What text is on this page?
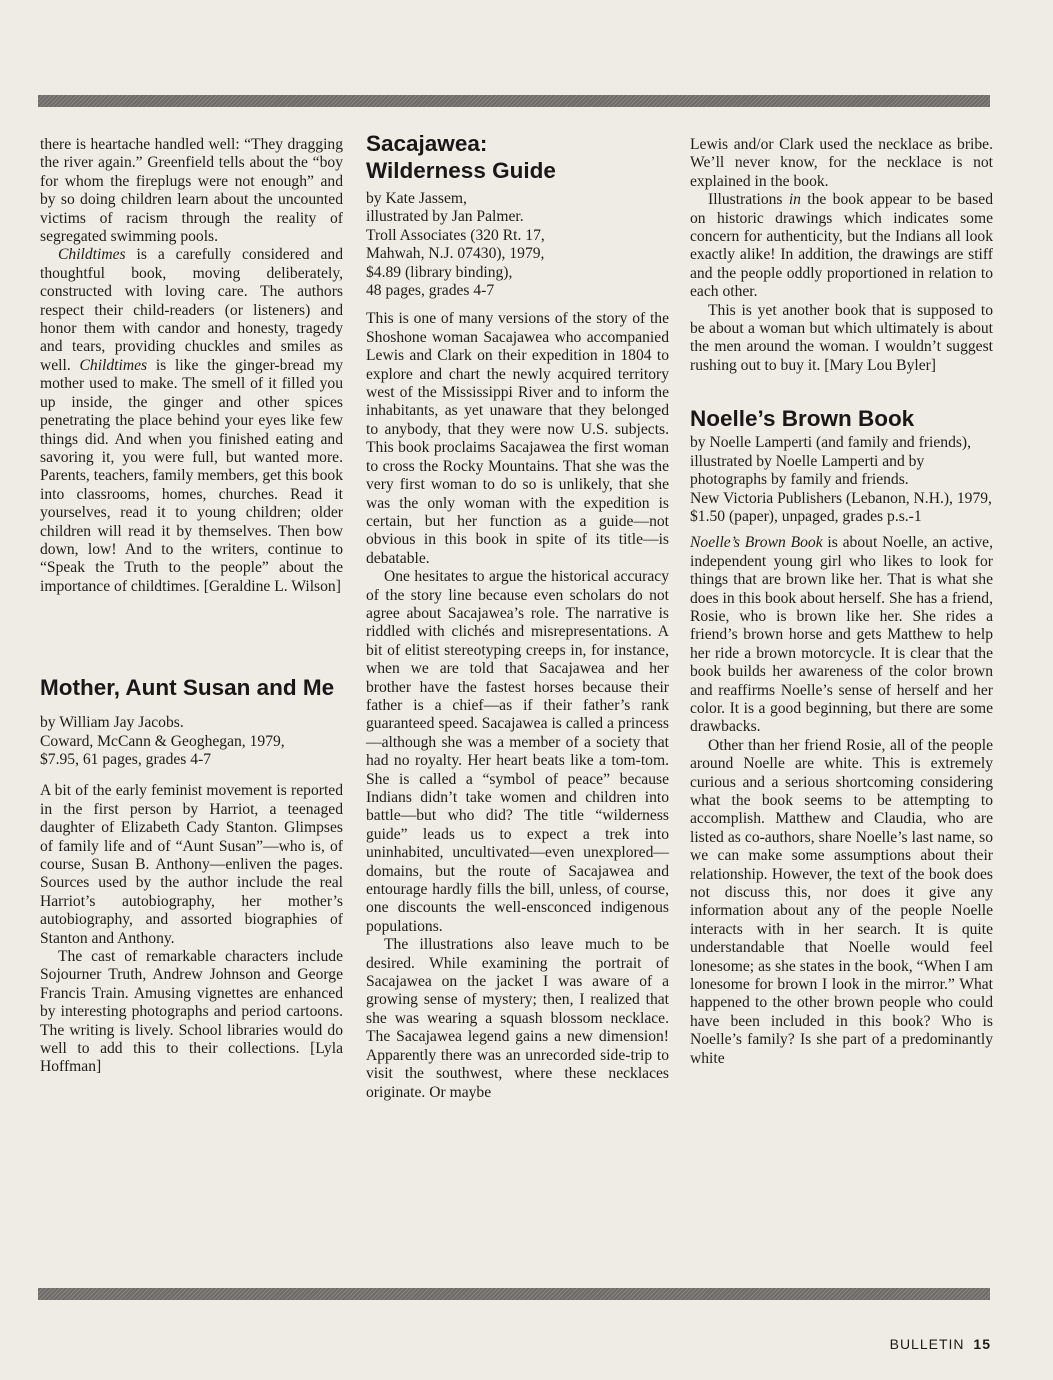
there is heartache handled well: “They dragging the river again.” Greenfield tells about the “boy for whom the fireplugs were not enough” and by so doing children learn about the uncounted victims of racism through the reality of segregated swimming pools.

Childtimes is a carefully considered and thoughtful book, moving deliberately, constructed with loving care. The authors respect their child-readers (or listeners) and honor them with candor and honesty, tragedy and tears, providing chuckles and smiles as well. Childtimes is like the ginger-bread my mother used to make. The smell of it filled you up inside, the ginger and other spices penetrating the place behind your eyes like few things did. And when you finished eating and savoring it, you were full, but wanted more. Parents, teachers, family members, get this book into classrooms, homes, churches. Read it yourselves, read it to young children; older children will read it by themselves. Then bow down, low! And to the writers, continue to “Speak the Truth to the people” about the importance of childtimes. [Geraldine L. Wilson]

Mother, Aunt Susan and Me
by William Jay Jacobs.
Coward, McCann & Geoghegan, 1979,
$7.95, 61 pages, grades 4-7

A bit of the early feminist movement is reported in the first person by Harriot, a teenaged daughter of Elizabeth Cady Stanton. Glimpses of family life and of “Aunt Susan”—who is, of course, Susan B. Anthony—enliven the pages. Sources used by the author include the real Harriot’s autobiography, her mother’s autobiography, and assorted biographies of Stanton and Anthony.

The cast of remarkable characters include Sojourner Truth, Andrew Johnson and George Francis Train. Amusing vignettes are enhanced by interesting photographs and period cartoons. The writing is lively. School libraries would do well to add this to their collections. [Lyla Hoffman]

Sacajawea:
Wilderness Guide
by Kate Jassem,
illustrated by Jan Palmer.
Troll Associates (320 Rt. 17,
Mahwah, N.J. 07430), 1979,
$4.89 (library binding),
48 pages, grades 4-7

This is one of many versions of the story of the Shoshone woman Sacajawea who accompanied Lewis and Clark on their expedition in 1804 to explore and chart the newly acquired territory west of the Mississippi River and to inform the inhabitants, as yet unaware that they belonged to anybody, that they were now U.S. subjects. This book proclaims Sacajawea the first woman to cross the Rocky Mountains. That she was the very first woman to do so is unlikely, that she was the only woman with the expedition is certain, but her function as a guide—not obvious in this book in spite of its title—is debatable.

One hesitates to argue the historical accuracy of the story line because even scholars do not agree about Sacajawea’s role. The narrative is riddled with clichés and misrepresentations. A bit of elitist stereotyping creeps in, for instance, when we are told that Sacajawea and her brother have the fastest horses because their father is a chief—as if their father’s rank guaranteed speed. Sacajawea is called a princess—although she was a member of a society that had no royalty. Her heart beats like a tom-tom. She is called a “symbol of peace” because Indians didn’t take women and children into battle—but who did? The title “wilderness guide” leads us to expect a trek into uninhabited, uncultivated—even unexplored—domains, but the route of Sacajawea and entourage hardly fills the bill, unless, of course, one discounts the well-ensconced indigenous populations.

The illustrations also leave much to be desired. While examining the portrait of Sacajawea on the jacket I was aware of a growing sense of mystery; then, I realized that she was wearing a squash blossom necklace. The Sacajawea legend gains a new dimension! Apparently there was an unrecorded side-trip to visit the southwest, where these necklaces originate. Or maybe

Lewis and/or Clark used the necklace as bribe. We’ll never know, for the necklace is not explained in the book.

Illustrations in the book appear to be based on historic drawings which indicates some concern for authenticity, but the Indians all look exactly alike! In addition, the drawings are stiff and the people oddly proportioned in relation to each other.

This is yet another book that is supposed to be about a woman but which ultimately is about the men around the woman. I wouldn’t suggest rushing out to buy it. [Mary Lou Byler]

Noelle’s Brown Book
by Noelle Lamperti (and family and friends),
illustrated by Noelle Lamperti and by photographs by family and friends.
New Victoria Publishers (Lebanon, N.H.), 1979,
$1.50 (paper), unpaged, grades p.s.-1

Noelle’s Brown Book is about Noelle, an active, independent young girl who likes to look for things that are brown like her. That is what she does in this book about herself. She has a friend, Rosie, who is brown like her. She rides a friend’s brown horse and gets Matthew to help her ride a brown motorcycle. It is clear that the book builds her awareness of the color brown and reaffirms Noelle’s sense of herself and her color. It is a good beginning, but there are some drawbacks.

Other than her friend Rosie, all of the people around Noelle are white. This is extremely curious and a serious shortcoming considering what the book seems to be attempting to accomplish. Matthew and Claudia, who are listed as co-authors, share Noelle’s last name, so we can make some assumptions about their relationship. However, the text of the book does not discuss this, nor does it give any information about any of the people Noelle interacts with in her search. It is quite understandable that Noelle would feel lonesome; as she states in the book, “When I am lonesome for brown I look in the mirror.” What happened to the other brown people who could have been included in this book? Who is Noelle’s family? Is she part of a predominantly white

BULLETIN 15
